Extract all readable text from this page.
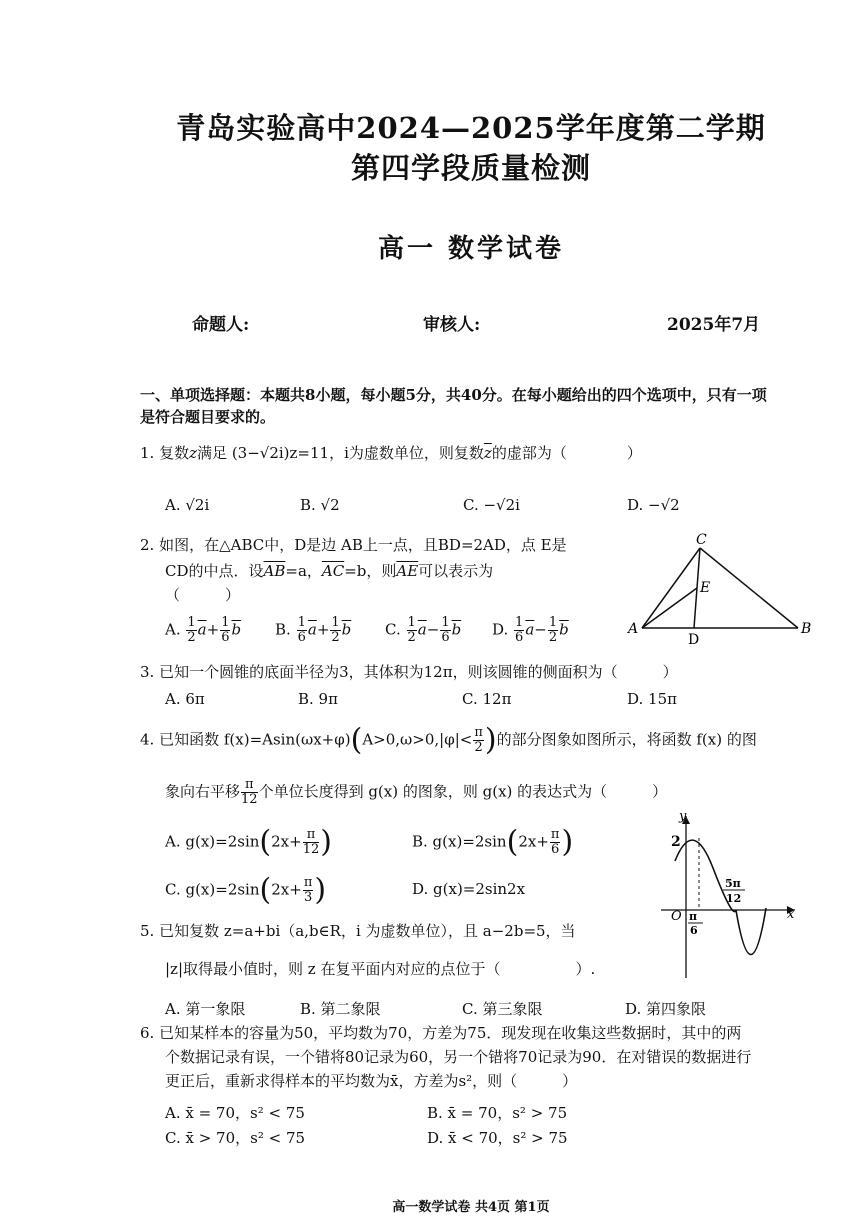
青岛实验高中2024—2025学年度第二学期
第四学段质量检测
高一 数学试卷
命题人:	审核人:	2025年7月
一、单项选择题：本题共8小题，每小题5分，共40分。在每小题给出的四个选项中，只有一项
是符合题目要求的。
1. 复数z满足 (3−√2i)z=11，i为虚数单位，则复数$\overline{z}$的虚部为（　　　　）
A. √2i	B. √2	C. −√2i	D. −√2
2. 如图，在△ABC中，D是边 AB上一点，且BD=2AD，点 E是
CD的中点．设$\overline{AB}=a$，$\overline{AC}=b$，则$\overline{AE}$可以表示为
（　　　）
A. $\frac{1}{2} \overline{a}+ \frac{1}{6} \overline{b}$ B. $\frac{1}{6} \overline{a}+ \frac{1}{2} \overline{b}$ C. $\frac{1}{2} \overline{a}- \frac{1}{6} \overline{b}$ D. $\frac{1}{6} \overline{a}- \frac{1}{2} \overline{b}$
C
E
A	B
D
3. 已知一个圆锥的底面半径为3，其体积为12π，则该圆锥的侧面积为（　　　）
A. 6π	B. 9π	C. 12π	D. 15π
4. 已知函数 $f(x)=Asin(\omega x+\varphi)(A>0,\omega>0,|\varphi|< \frac{\pi}{2}$ )的部分图象如图所示，将函数 f(x) 的图
象向右平移 $\frac{\pi}{12}$ 个单位长度得到 g(x) 的图象，则 g(x) 的表达式为（　　　）
A. $g(x)=2\sin(2x+ \frac{\pi}{12}$ )	B. $g(x)=2\sin(2x+ \frac{\pi}{6}$ )
C. $g(x)=2\sin(2x+ \frac{\pi}{3}$ )	D. g(x)=2sin2x
y
x
2
O π
6
5π
12
5. 已知复数 z=a+bi（a,b∈R，i 为虚数单位），且 a−2b=5，当
|z|取得最小值时，则 z 在复平面内对应的点位于（　　　　　）.
A. 第一象限	B. 第二象限	C. 第三象限	D. 第四象限
6. 已知某样本的容量为50，平均数为70，方差为75．现发现在收集这些数据时，其中的两
个数据记录有误，一个错将80记录为60，另一个错将70记录为90．在对错误的数据进行
更正后，重新求得样本的平均数为x̄，方差为s²，则（　　　）
A. x̄ = 70，s² < 75	B. x̄ = 70，s² > 75
C. x̄ > 70，s² < 75	D. x̄ < 70，s² > 75
高一数学试卷 共4页 第1页
